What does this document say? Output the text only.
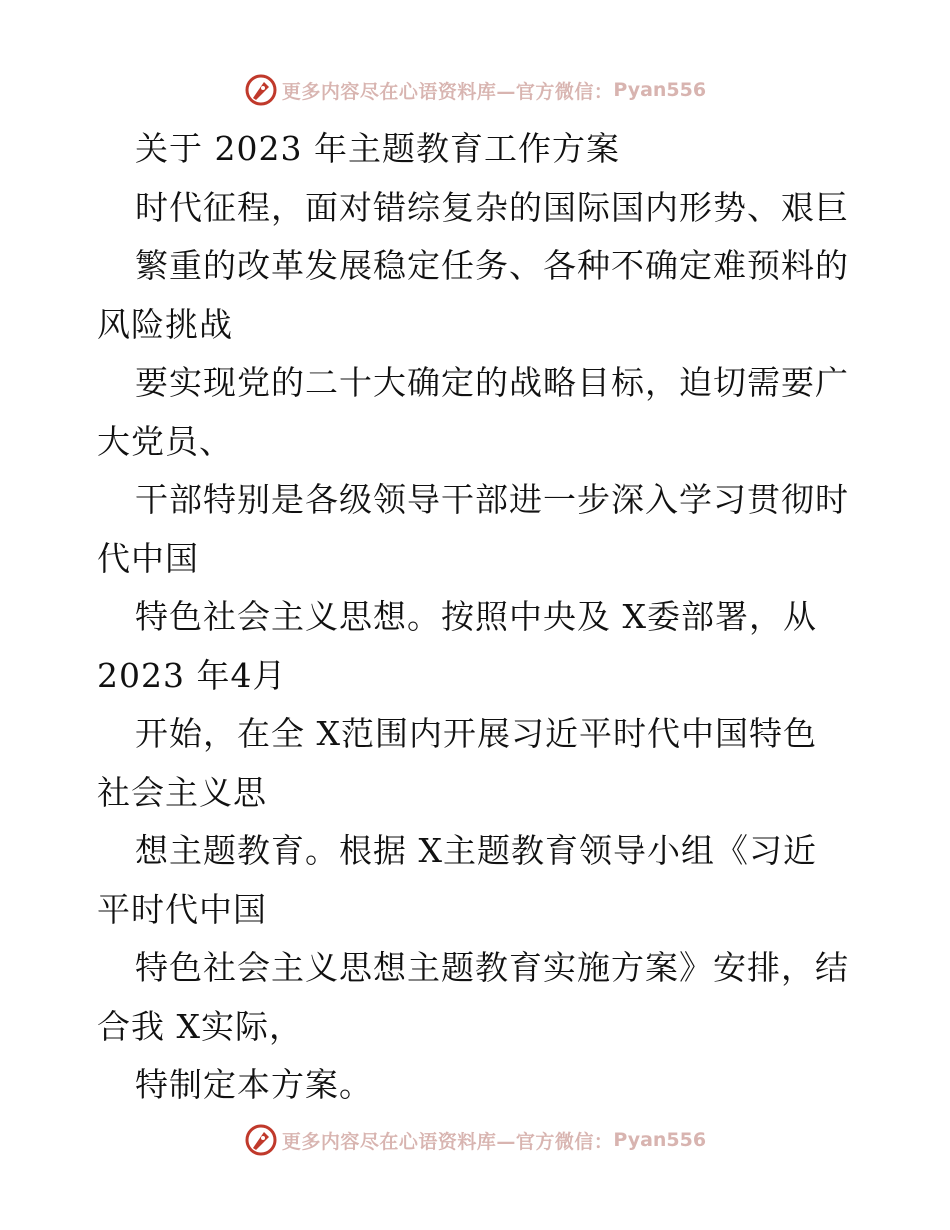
更多内容尽在心语资料库—官方微信： Pyan556
关于 2023 年主题教育工作方案
时代征程，面对错综复杂的国际国内形势、艰巨
繁重的改革发展稳定任务、各种不确定难预料的
风险挑战
要实现党的二十大确定的战略目标，迫切需要广
大党员、
干部特别是各级领导干部进一步深入学习贯彻时
代中国
特色社会主义思想。按照中央及 X委部署，从
2023 年4月
开始，在全 X范围内开展习近平时代中国特色
社会主义思
想主题教育。根据 X主题教育领导小组《习近
平时代中国
特色社会主义思想主题教育实施方案》安排，结
合我 X实际，
特制定本方案。
更多内容尽在心语资料库—官方微信： Pyan556
